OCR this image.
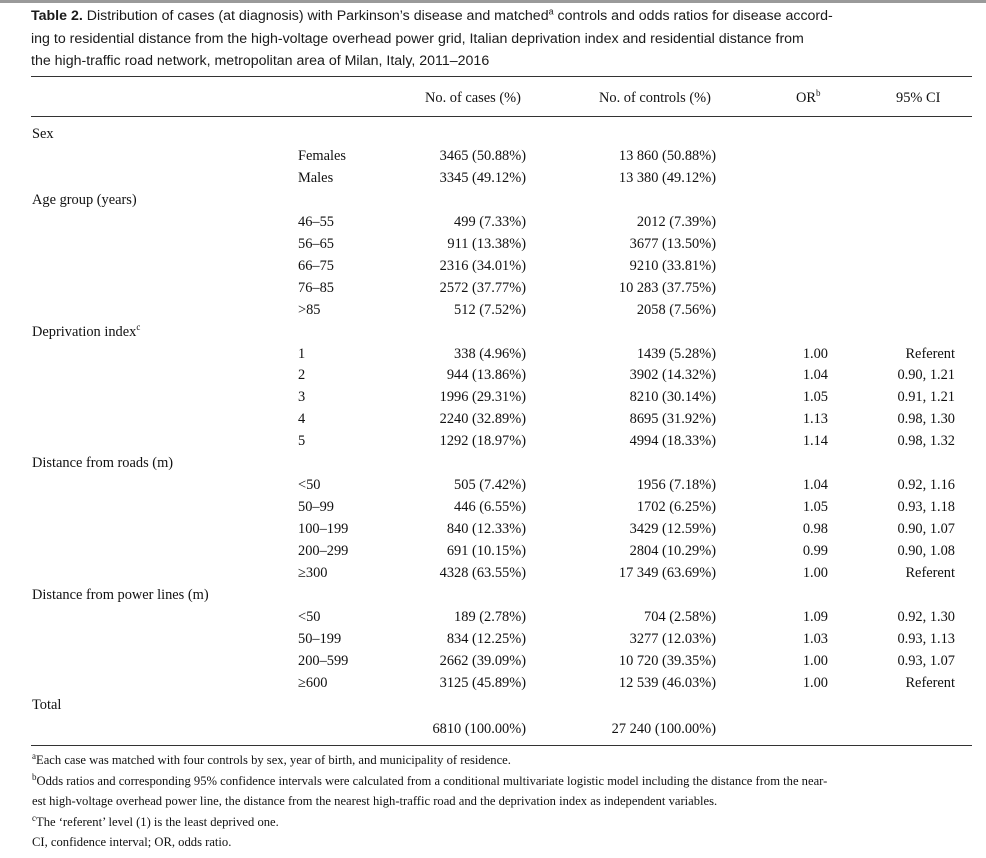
Table 2. Distribution of cases (at diagnosis) with Parkinson’s disease and matched$^a$ controls and odds ratios for disease accord-
ing to residential distance from the high-voltage overhead power grid, Italian deprivation index and residential distance from
the high-traffic road network, metropolitan area of Milan, Italy, 2011–2016
No. of cases (%)	No. of controls (%)	$OR^b$	95% CI
Sex
Females	3465 (50.88%)	13 860 (50.88%)
Males	3345 (49.12%)	13 380 (49.12%)
Age group (years)
46–55	499 (7.33%)	2012 (7.39%)
56–65	911 (13.38%)	3677 (13.50%)
66–75	2316 (34.01%)	9210 (33.81%)
76–85	2572 (37.77%)	10 283 (37.75%)
>85	512 (7.52%)	2058 (7.56%)
Deprivation index$^c$
1	338 (4.96%)	1439 (5.28%)	1.00	Referent
2	944 (13.86%)	3902 (14.32%)	1.04	0.90, 1.21
3	1996 (29.31%)	8210 (30.14%)	1.05	0.91, 1.21
4	2240 (32.89%)	8695 (31.92%)	1.13	0.98, 1.30
5	1292 (18.97%)	4994 (18.33%)	1.14	0.98, 1.32
Distance from roads (m)
<50	505 (7.42%)	1956 (7.18%)	1.04	0.92, 1.16
50–99	446 (6.55%)	1702 (6.25%)	1.05	0.93, 1.18
100–199	840 (12.33%)	3429 (12.59%)	0.98	0.90, 1.07
200–299	691 (10.15%)	2804 (10.29%)	0.99	0.90, 1.08
≥300	4328 (63.55%)	17 349 (63.69%)	1.00	Referent
Distance from power lines (m)
<50	189 (2.78%)	704 (2.58%)	1.09	0.92, 1.30
50–199	834 (12.25%)	3277 (12.03%)	1.03	0.93, 1.13
200–599	2662 (39.09%)	10 720 (39.35%)	1.00	0.93, 1.07
≥600	3125 (45.89%)	12 539 (46.03%)	1.00	Referent
Total
6810 (100.00%)	27 240 (100.00%)
$^a$Each case was matched with four controls by sex, year of birth, and municipality of residence.
$^b$Odds ratios and corresponding 95% confidence intervals were calculated from a conditional multivariate logistic model including the distance from the near-
est high-voltage overhead power line, the distance from the nearest high-traffic road and the deprivation index as independent variables.
$^c$The ‘referent’ level (1) is the least deprived one.
CI, confidence interval; OR, odds ratio.
